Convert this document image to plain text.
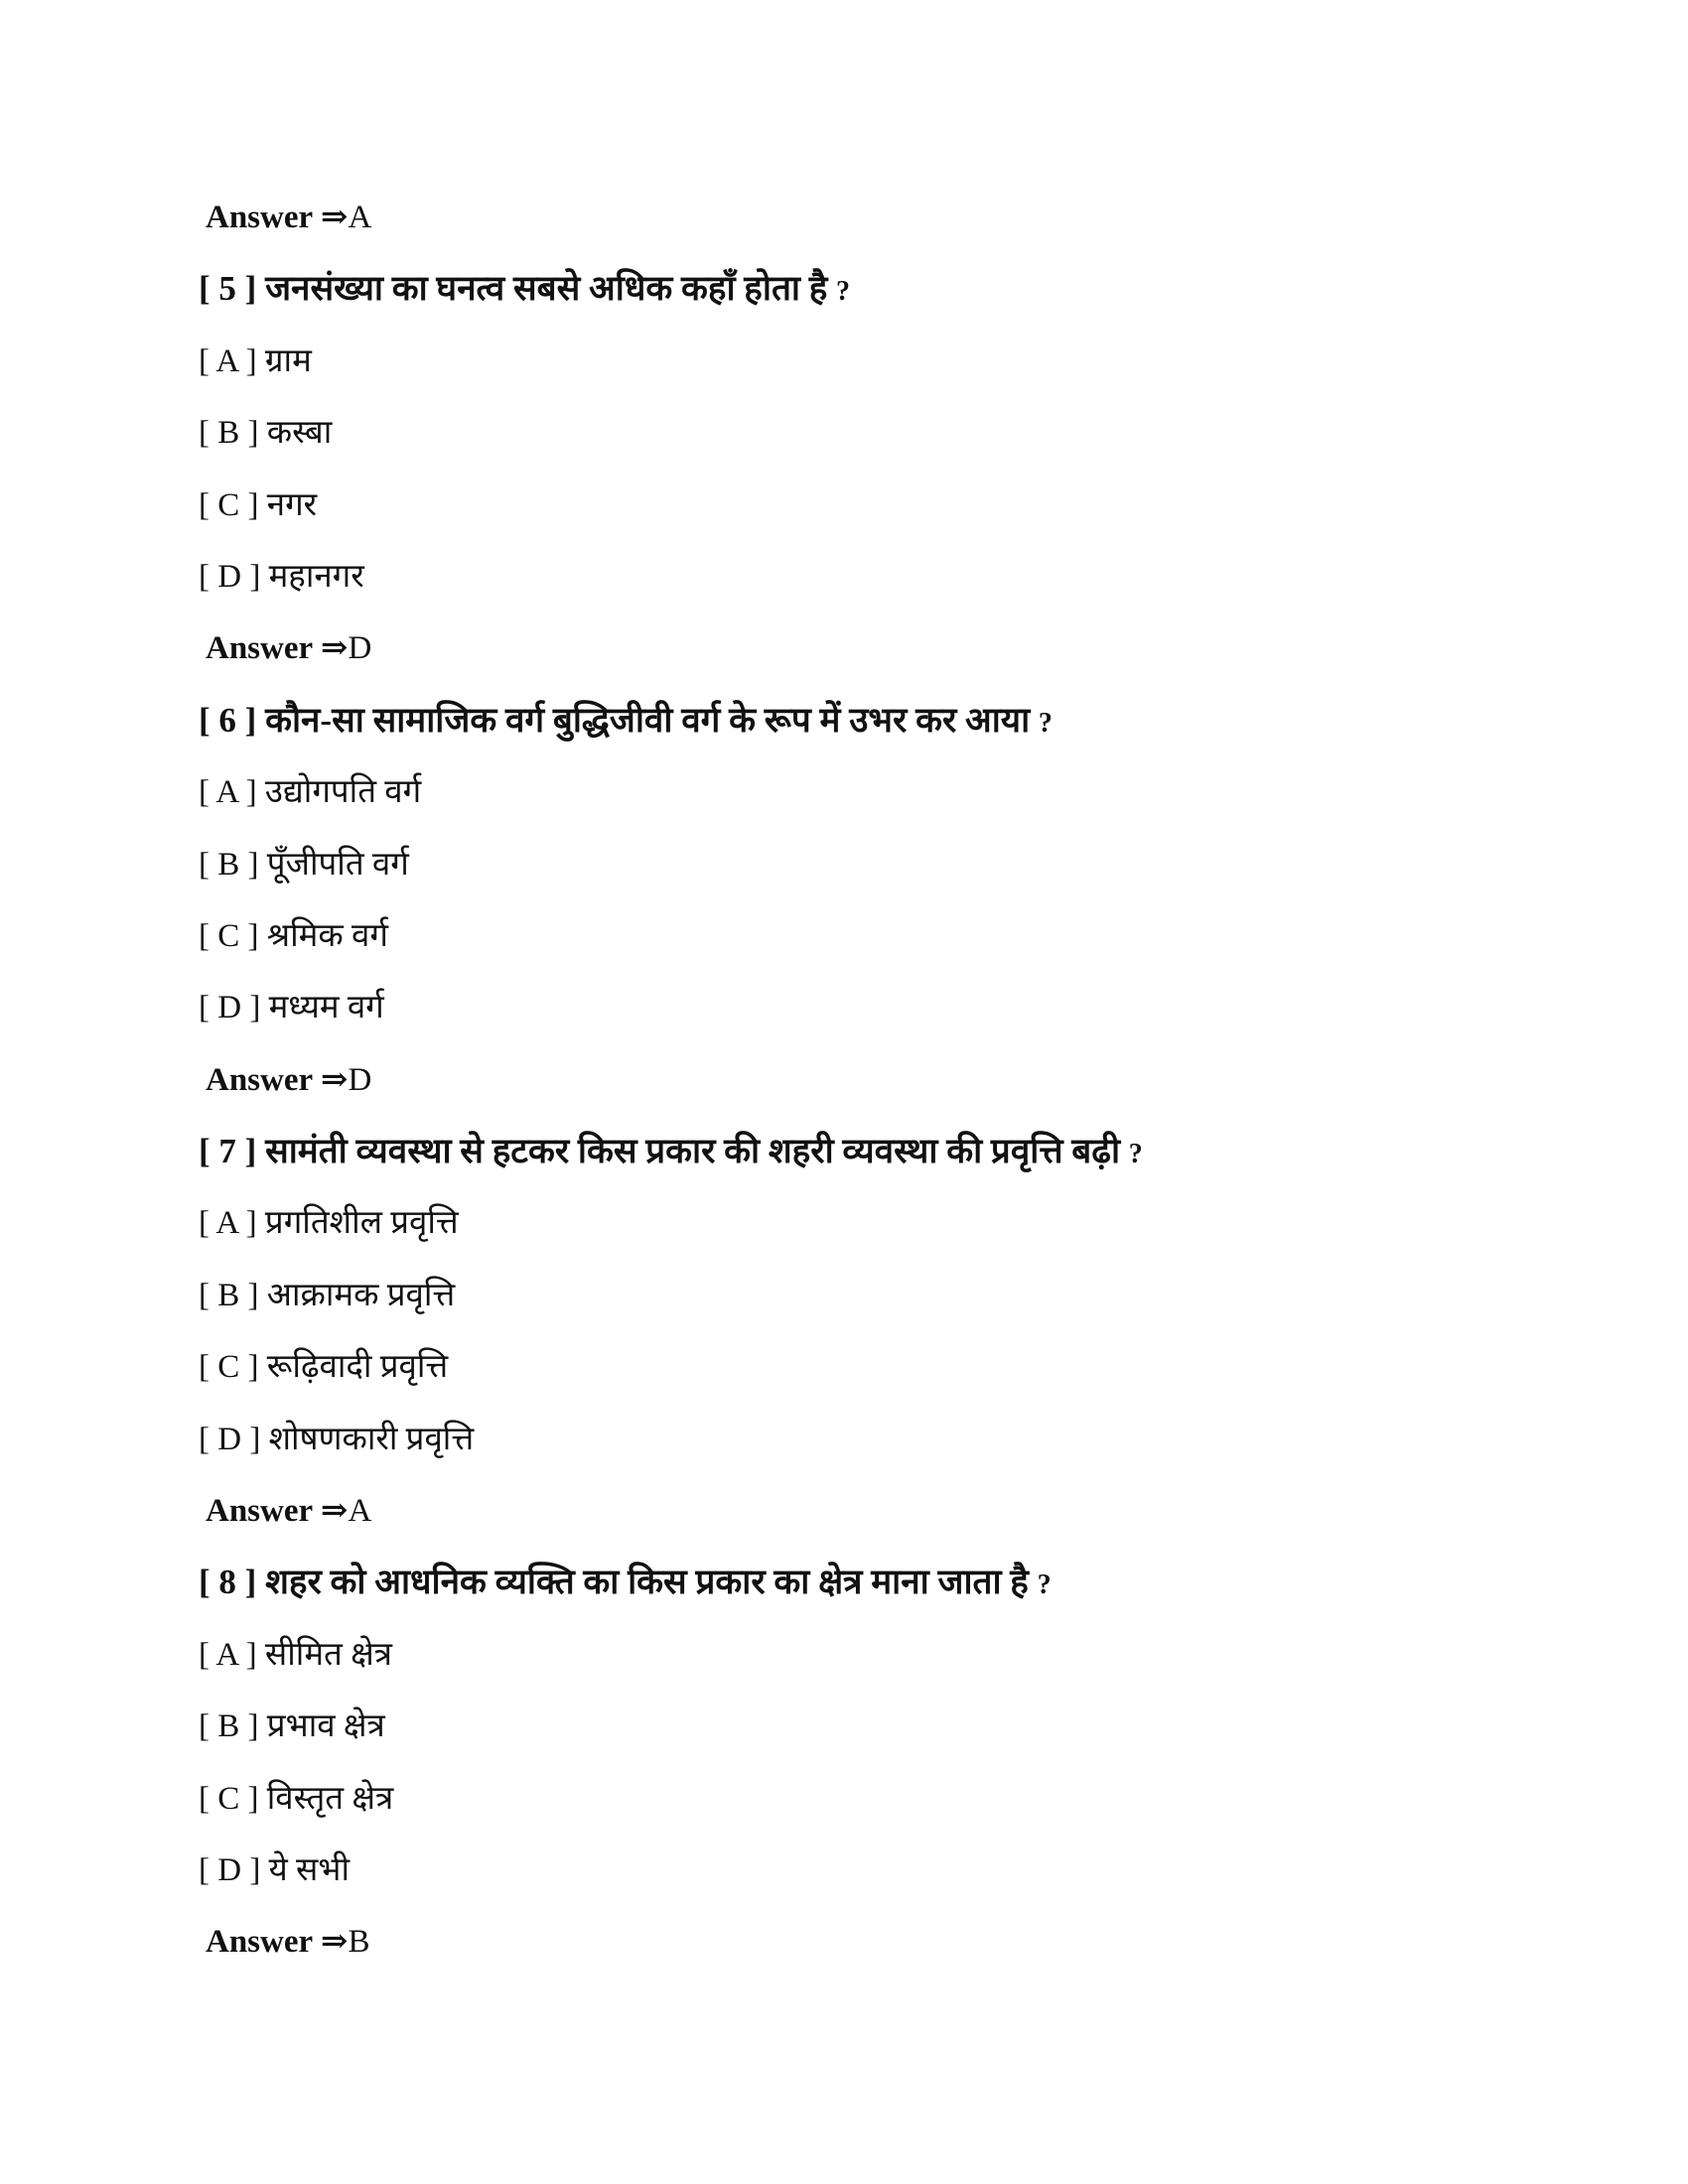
Answer ⇒A
[ 5 ] जनसंख्या का घनत्व सबसे अधिक कहाँ होता है ?
[ A ] ग्राम
[ B ] कस्बा
[ C ] नगर
[ D ] महानगर
Answer ⇒D
[ 6 ] कौन-सा सामाजिक वर्ग बुद्धिजीवी वर्ग के रूप में उभर कर आया ?
[ A ] उद्योगपति वर्ग
[ B ] पूँजीपति वर्ग
[ C ] श्रमिक वर्ग
[ D ] मध्यम वर्ग
Answer ⇒D
[ 7 ] सामंती व्यवस्था से हटकर किस प्रकार की शहरी व्यवस्था की प्रवृत्ति बढ़ी ?
[ A ] प्रगतिशील प्रवृत्ति
[ B ] आक्रामक प्रवृत्ति
[ C ] रूढ़िवादी प्रवृत्ति
[ D ] शोषणकारी प्रवृत्ति
Answer ⇒A
[ 8 ] शहर को आधनिक व्यक्ति का किस प्रकार का क्षेत्र माना जाता है ?
[ A ] सीमित क्षेत्र
[ B ] प्रभाव क्षेत्र
[ C ] विस्तृत क्षेत्र
[ D ] ये सभी
Answer ⇒B
